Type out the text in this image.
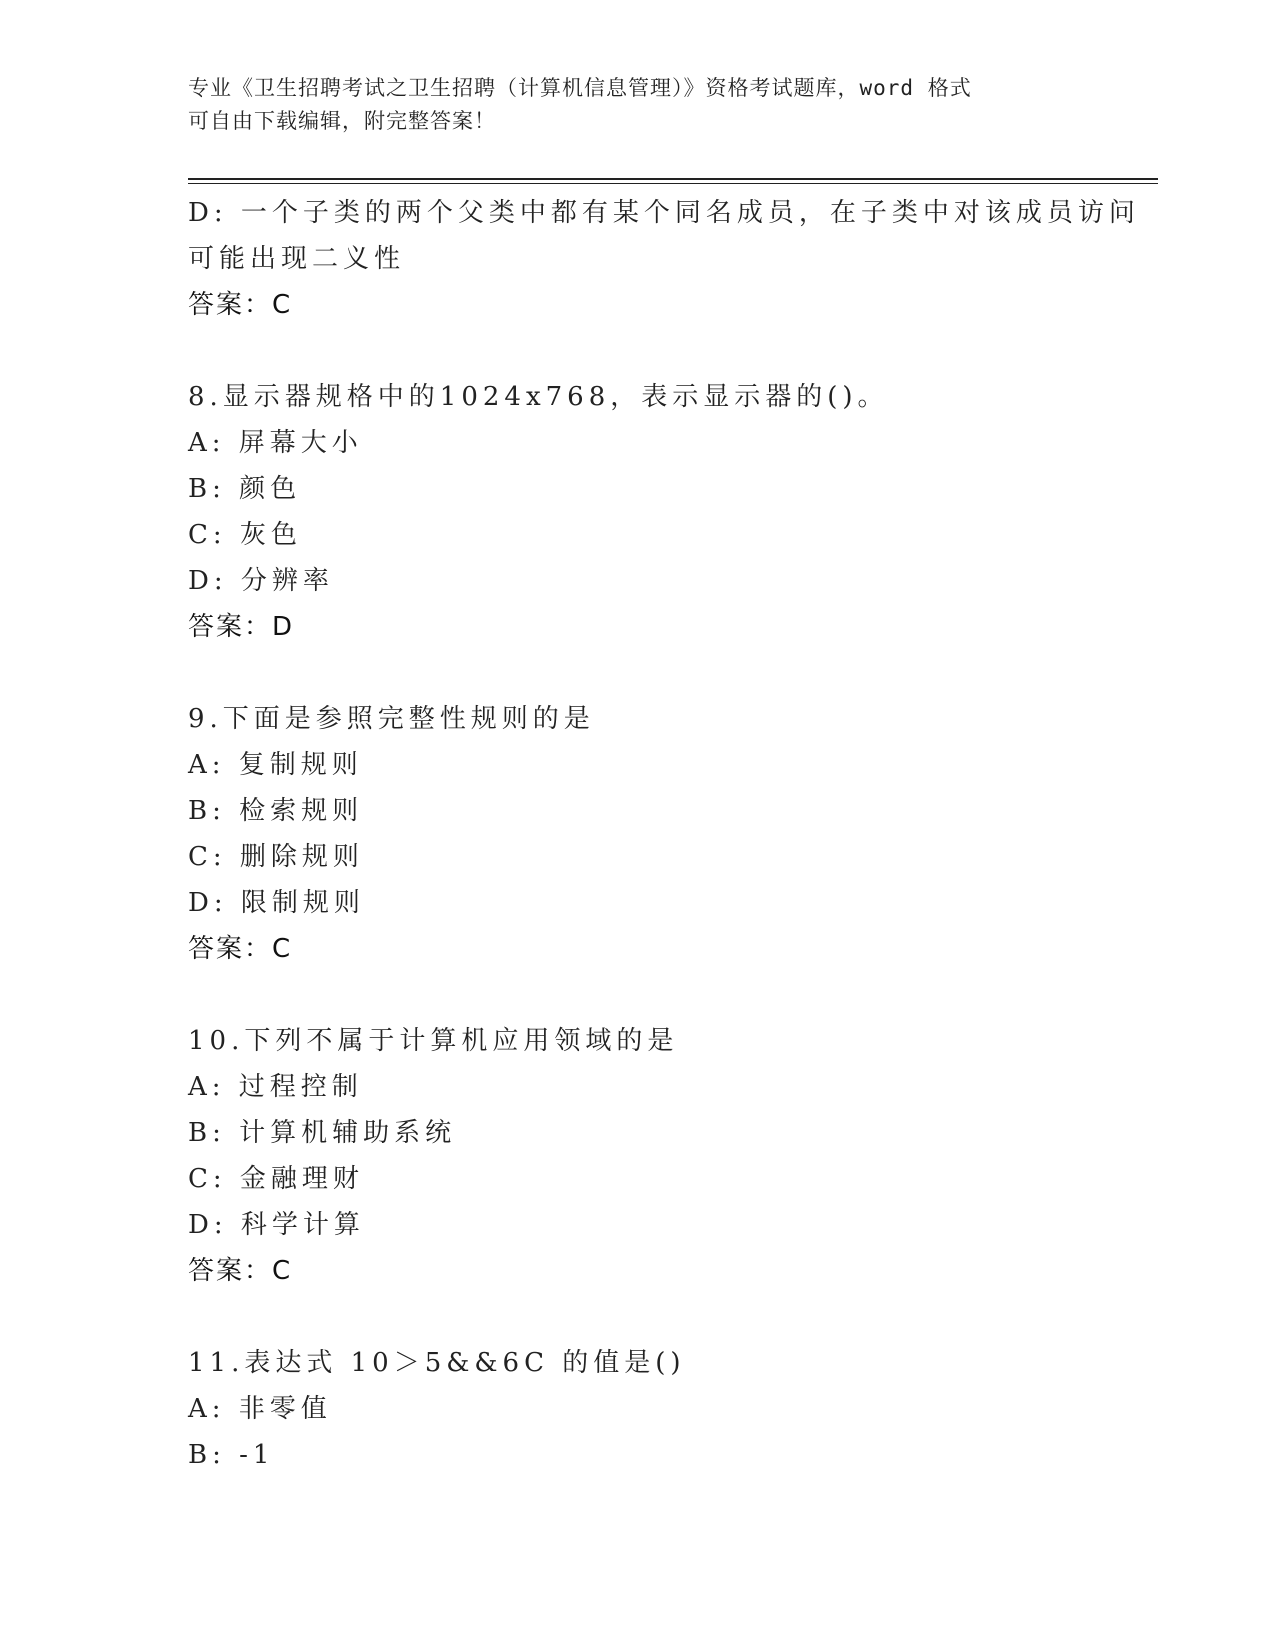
专业《卫生招聘考试之卫生招聘（计算机信息管理）》资格考试题库，word 格式
可自由下载编辑，附完整答案！
D: 一个子类的两个父类中都有某个同名成员，在子类中对该成员访问
可能出现二义性
答案：C
8.显示器规格中的1024x768，表示显示器的()。
A: 屏幕大小
B: 颜色
C: 灰色
D: 分辨率
答案：D
9.下面是参照完整性规则的是
A: 复制规则
B: 检索规则
C: 删除规则
D: 限制规则
答案：C
10.下列不属于计算机应用领域的是
A: 过程控制
B: 计算机辅助系统
C: 金融理财
D: 科学计算
答案：C
11.表达式 10＞5&&6C 的值是()
A: 非零值
B: -1
